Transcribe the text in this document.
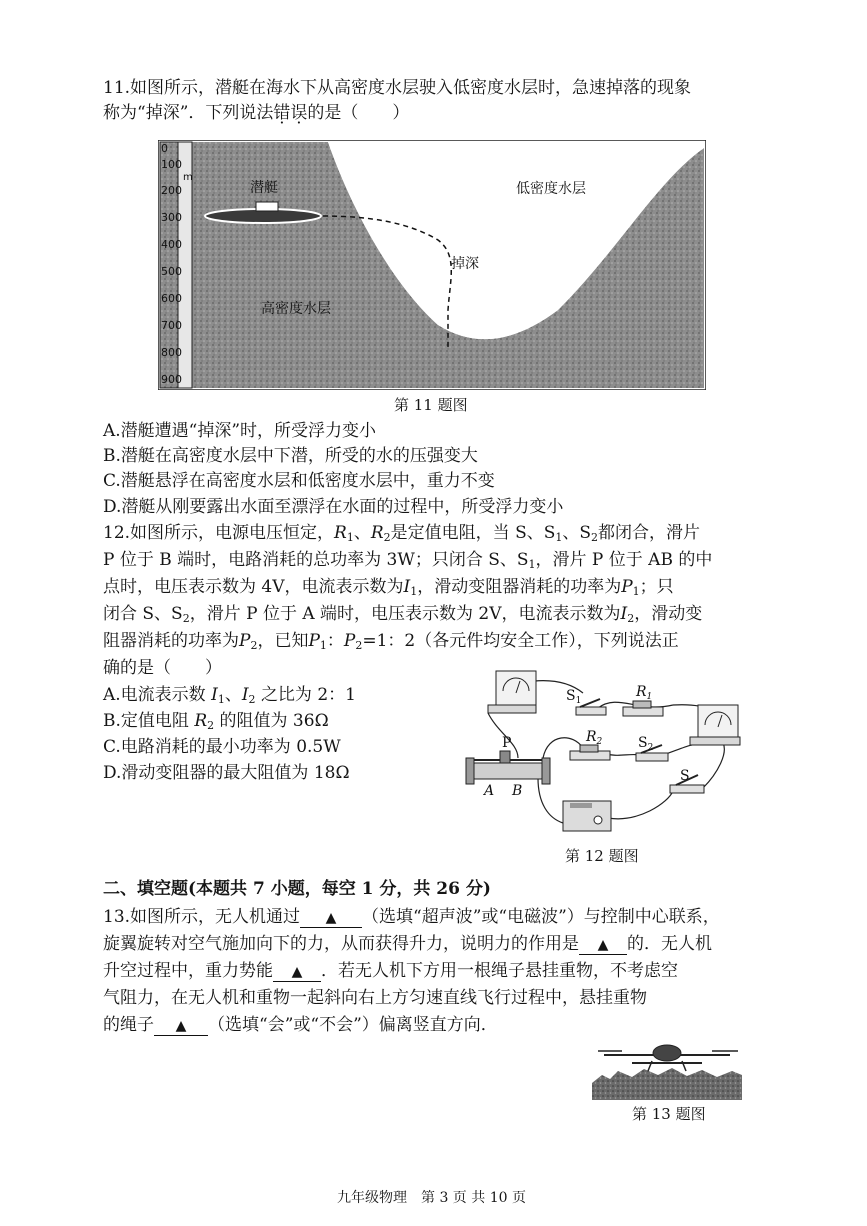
11.如图所示，潜艇在海水下从高密度水层驶入低密度水层时，急速掉落的现象
称为“掉深”．下列说法错误的是（　　）
0
100
m
200
300
400
500
600
700
800
900
潜艇	低密度水层
掉深
高密度水层
第 11 题图
A.潜艇遭遇“掉深”时，所受浮力变小
B.潜艇在高密度水层中下潜，所受的水的压强变大
C.潜艇悬浮在高密度水层和低密度水层中，重力不变
D.潜艇从刚要露出水面至漂浮在水面的过程中，所受浮力变小
12.如图所示，电源电压恒定，$R_1$、$R_2$是定值电阻，当 S、$S_1$、$S_2$都闭合，滑片
P 位于 B 端时，电路消耗的总功率为 3W；只闭合 S、$S_1$，滑片 P 位于 AB 的中
点时，电压表示数为 4V，电流表示数为$I_1$，滑动变阻器消耗的功率为$P_1$；只
闭合 S、$S_2$，滑片 P 位于 A 端时，电压表示数为 2V，电流表示数为$I_2$，滑动变
阻器消耗的功率为$P_2$，已知$P_1$：$P_2=1$：2（各元件均安全工作），下列说法正
确的是（　　）
A.电流表示数 $I_1$、$I_2$ 之比为 2：1
B.定值电阻 $R_2$ 的阻值为 36Ω
C.电路消耗的最小功率为 0.5W
D.滑动变阻器的最大阻值为 18Ω
$S_1$
$R_1$
$R_2$	$S_2$
S
P
A B
第 12 题图
二、填空题(本题共 7 小题，每空 1 分，共 26 分)
13.如图所示，无人机通过 ▲ （选填“超声波”或“电磁波”）与控制中心联系，
旋翼旋转对空气施加向下的力，从而获得升力，说明力的作用是 ▲ 的．无人机
升空过程中，重力势能 ▲ ．若无人机下方用一根绳子悬挂重物，不考虑空
气阻力，在无人机和重物一起斜向右上方匀速直线飞行过程中，悬挂重物
的绳子 ▲ （选填“会”或“不会”）偏离竖直方向．
第 13 题图
九年级物理　第 3 页 共 10 页
